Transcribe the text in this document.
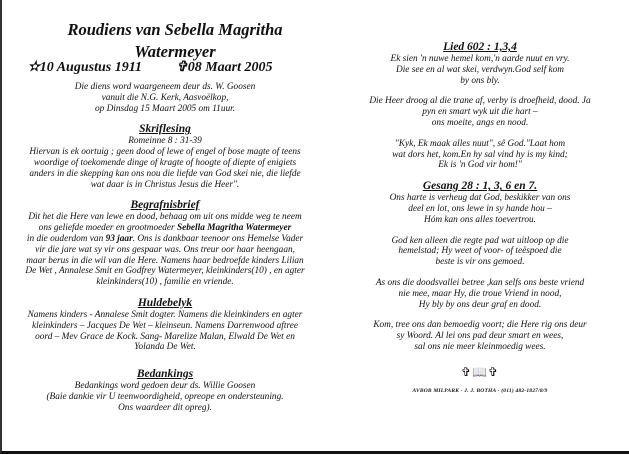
Roudiens van Sebella Magritha
Watermeyer
✫10 Augustus 1911 ✞08 Maart 2005
Die diens word waargeneem deur ds. W. Goosen
vanuit die N.G. Kerk, Aasvoëlkop,
op Dinsdag 15 Maart 2005 om 11uur.
Skriflesing
Romeinne 8 : 31-39
Hiervan is ek oortuig ; geen dood of lewe of engel of bose magte of teens
woordige of toekomende dinge of kragte of hoogte of diepte of enigiets
anders in die skepping kan ons nou die liefde van God skei nie, die liefde
wat daar is in Christus Jesus die Heer".
Begrafnisbrief
Dit het die Here van lewe en dood, behaag om uit ons midde weg te neem
ons geliefde moeder en grootmoeder Sebella Magritha Watermeyer
in die ouderdom van 93 jaar. Ons is dankbaar teenoor ons Hemelse Vader
vir die jare wat sy vir ons gespaar was. Ons treur oor haar heengaan,
maar berus in die wil van die Here. Namens haar bedroefde kinders Lilian
De Wet , Annalese Smit en Godfrey Watermeyer, kleinkinders(10) , en agter
kleinkinders(10) , familie en vriende.
Huldebelyk
Namens kinders - Annalese Smit dogter. Namens die kleinkinders en agter
kleinkinders – Jacques De Wet – kleinseun. Namens Darrenwood aftree
oord – Mev Grace de Kock. Sang- Marelize Malan, Elwald De Wet en
Yolanda De Wet.
Bedankings
Bedankings word gedoen deur ds. Willie Goosen
(Baie dankie vir U teenwoordigheid, opreope en ondersteuning.
Ons waardeer dit opreg).
Lied 602 : 1,3,4
Ek sien 'n nuwe hemel kom,'n aarde nuut en vry.
Die see en al wat skei, verdwyn.God self kom
by ons bly.
Die Heer droog al die trane af, verby is droefheid, dood. Ja
pyn en smart wyk uit die hart –
ons moeite, angs en nood.
"Kyk, Ek maak alles nuut", sê God."Laat hom
wat dors het, kom.En hy sal vind hy is my kind;
Ek is 'n God vir hom!"
Gesang 28 : 1, 3, 6 en 7.
Ons harte is verheug dat God, beskikker van ons
deel en lot, ons lewe in sy hande hou –
Hóm kan ons alles toevertrou.
God ken alleen die regte pad wat uitloop op die
hemelstad; Hy weet of voor- of teëspoed die
beste is vir ons gemoed.
As ons die doodsvallei betree ,kan selfs ons beste vriend
nie mee, maar Hy, die troue Vriend in nood,
Hy bly by ons deur graf en dood.
Kom, tree ons dan bemoedig voort; die Here rig ons deur
sy Woord. Al lei ons pad deur smart en wees,
sal ons nie meer kleinmoedig wees.
✞📖✞
AVBOB MILPARK - J. J. BOTHA - (011) 482-1827/8/9
